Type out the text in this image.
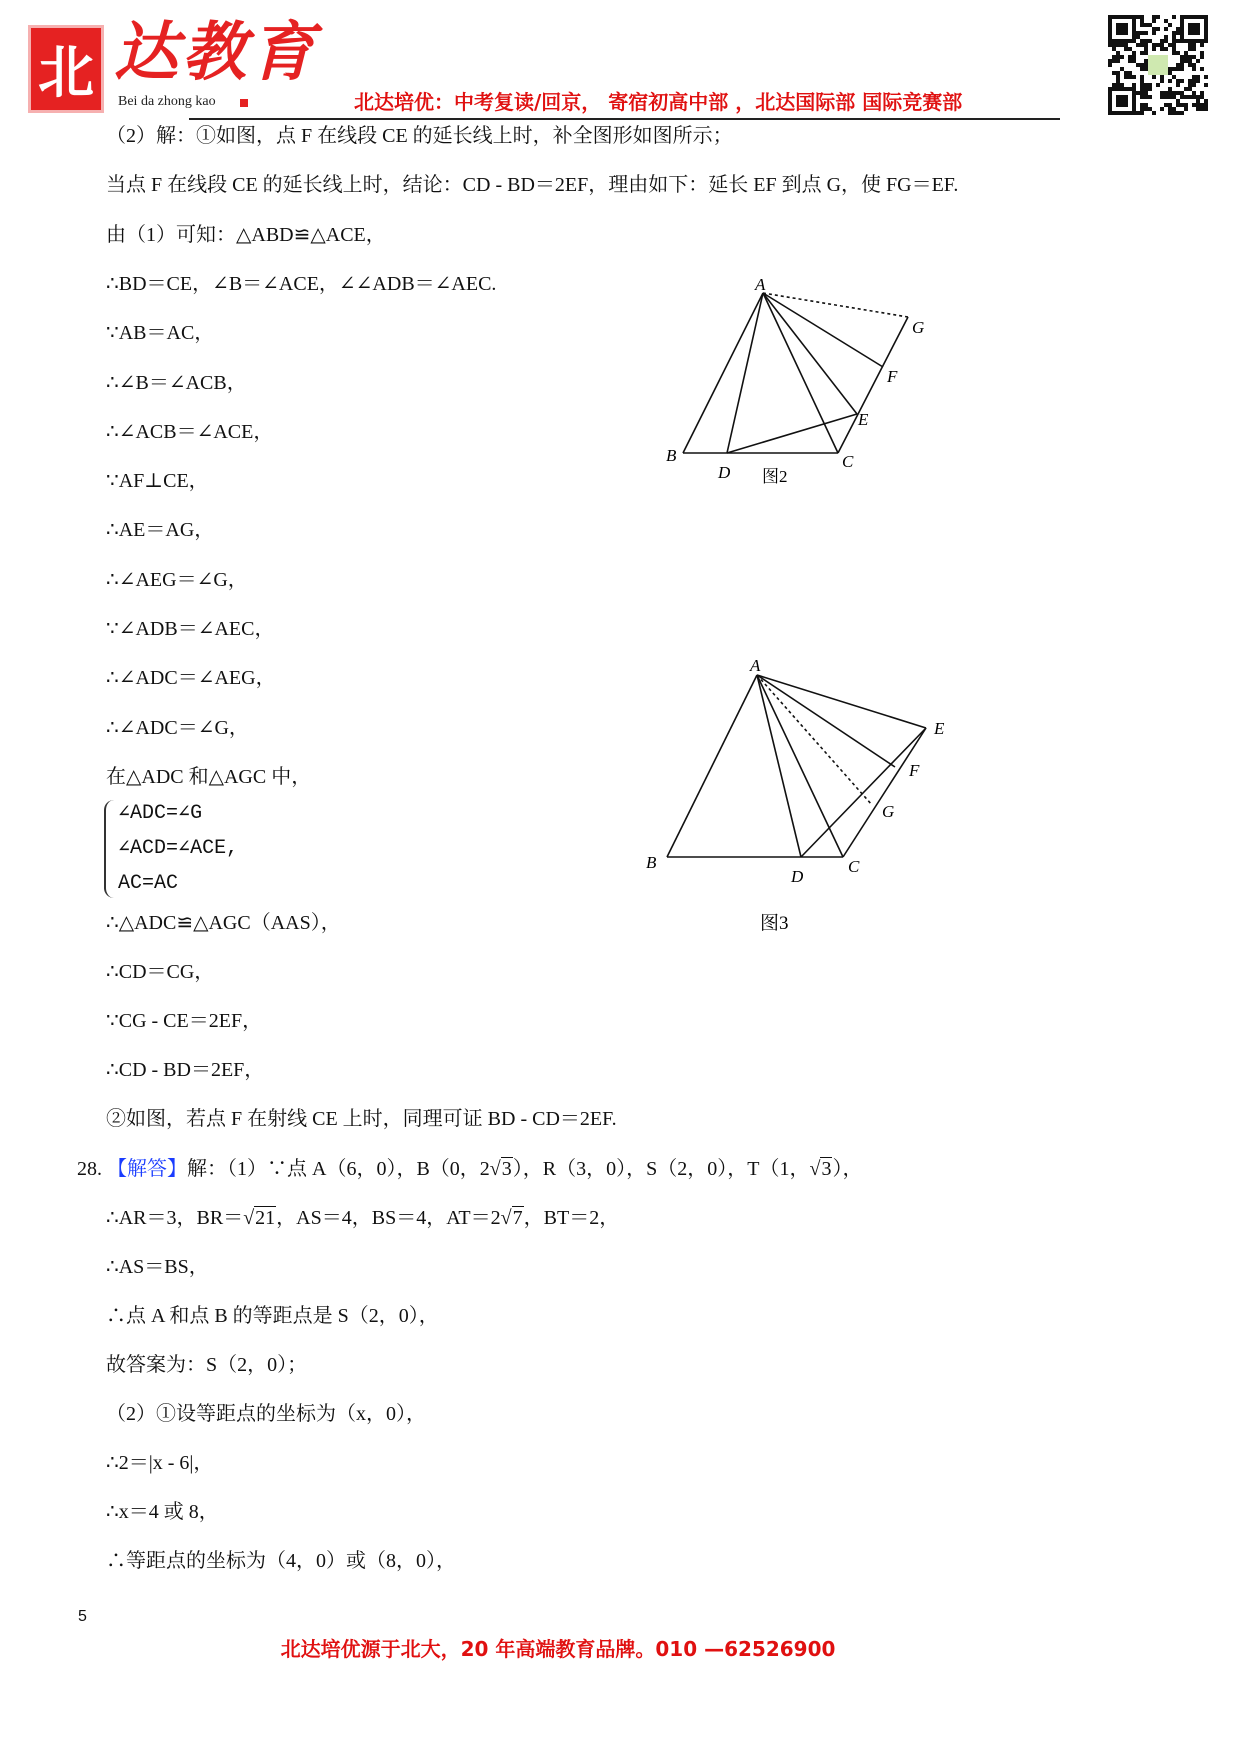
北 达教育
Bei da zhong kao	北达培优：中考复读/回京， 寄宿初高中部 ，北达国际部 国际竞赛部
（2）解：①如图，点 F 在线段 CE 的延长线上时，补全图形如图所示；
当点 F 在线段 CE 的延长线上时，结论：CD - BD＝2EF，理由如下：延长 EF 到点 G，使 FG＝EF.
由（1）可知：△ABD≌△ACE，
∴BD＝CE，∠B＝∠ACE，∠∠ADB＝∠AEC.
∵AB＝AC，
∴∠B＝∠ACB，
∴∠ACB＝∠ACE，
∵AF⊥CE，
∴AE＝AG，
∴∠AEG＝∠G，
∵∠ADB＝∠AEC，
∴∠ADC＝∠AEG，
∴∠ADC＝∠G，
在△ADC 和△AGC 中，
∴△ADC≌△AGC（AAS），
∴CD＝CG，
∵CG - CE＝2EF，
∴CD - BD＝2EF，
②如图，若点 F 在射线 CE 上时，同理可证 BD - CD＝2EF.
28. 【解答】解：（1）∵点 A（6，0），B（0，2√3），R（3，0），S（2，0），T（1，√3），
∴AR＝3，BR＝√21，AS＝4，BS＝4，AT＝2√7，BT＝2，
∴AS＝BS，
∴点 A 和点 B 的等距点是 S（2，0），
故答案为：S（2，0）；
（2）①设等距点的坐标为（x，0），
∴2＝|x - 6|，
∴x＝4 或 8，
∴等距点的坐标为（4，0）或（8，0），
∠ADC=∠G
∠ACD=∠ACE,
AC=AC
A
B	C
D
E
F
G
图2
A
B	C
D
E
F
G
图3
5
北达培优源于北大，20 年高端教育品牌。010 —62526900
